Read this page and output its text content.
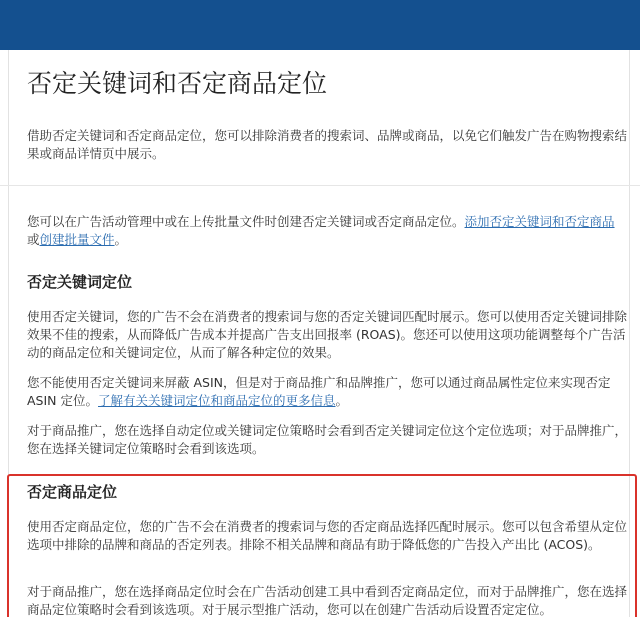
否定关键词和否定商品定位

借助否定关键词和否定商品定位，您可以排除消费者的搜索词、品牌或商品，以免它们触发广告在购物搜索结果或商品详情页中展示。

您可以在广告活动管理中或在上传批量文件时创建否定关键词或否定商品定位。添加否定关键词和否定商品或创建批量文件。

否定关键词定位

使用否定关键词，您的广告不会在消费者的搜索词与您的否定关键词匹配时展示。您可以使用否定关键词排除效果不佳的搜索，从而降低广告成本并提高广告支出回报率 (ROAS)。您还可以使用这项功能调整每个广告活动的商品定位和关键词定位，从而了解各种定位的效果。

您不能使用否定关键词来屏蔽 ASIN，但是对于商品推广和品牌推广，您可以通过商品属性定位来实现否定 ASIN 定位。了解有关关键词定位和商品定位的更多信息。

对于商品推广，您在选择自动定位或关键词定位策略时会看到否定关键词定位这个定位选项；对于品牌推广，您在选择关键词定位策略时会看到该选项。

否定商品定位

使用否定商品定位，您的广告不会在消费者的搜索词与您的否定商品选择匹配时展示。您可以包含希望从定位选项中排除的品牌和商品的否定列表。排除不相关品牌和商品有助于降低您的广告投入产出比 (ACOS)。

对于商品推广，您在选择商品定位时会在广告活动创建工具中看到否定商品定位，而对于品牌推广，您在选择商品定位策略时会看到该选项。对于展示型推广活动，您可以在创建广告活动后设置否定定位。
